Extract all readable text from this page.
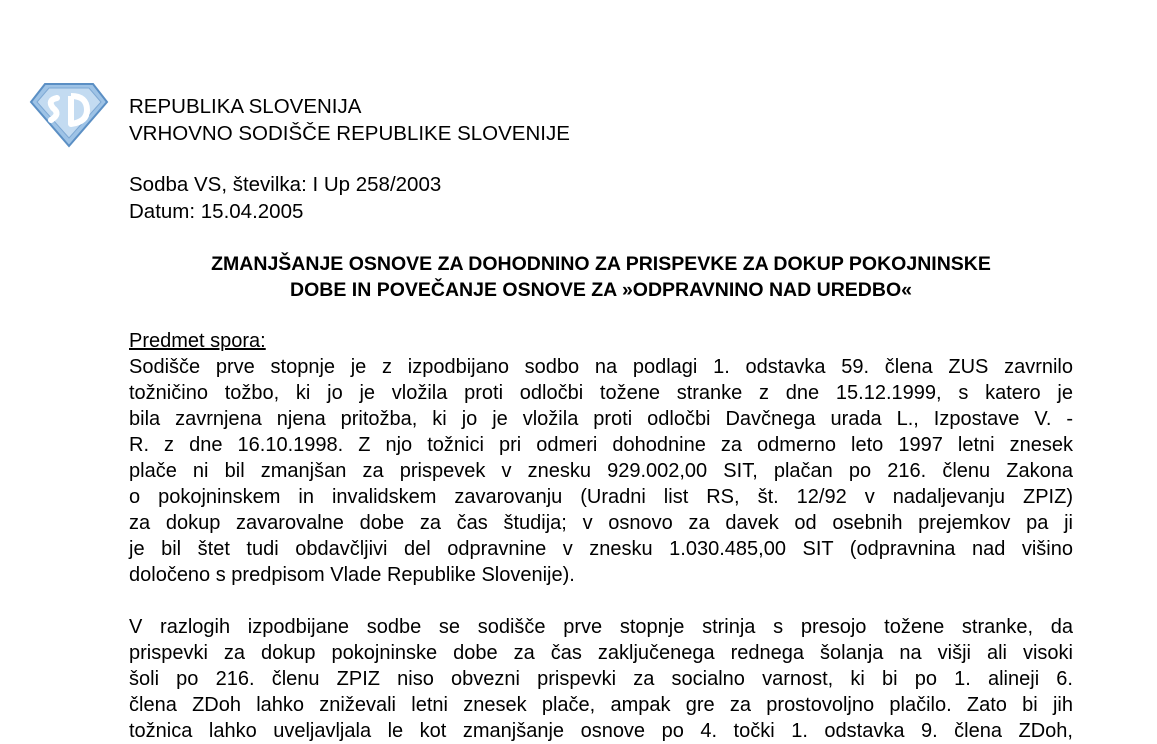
REPUBLIKA SLOVENIJA
VRHOVNO SODIŠČE REPUBLIKE SLOVENIJE
Sodba VS, številka: I Up 258/2003
Datum: 15.04.2005
ZMANJŠANJE OSNOVE ZA DOHODNINO ZA PRISPEVKE ZA DOKUP POKOJNINSKE
DOBE IN POVEČANJE OSNOVE ZA »ODPRAVNINO NAD UREDBO«
Predmet spora:

Sodišče prve stopnje je z izpodbijano sodbo na podlagi 1. odstavka 59. člena ZUS zavrnilo
tožničino tožbo, ki jo je vložila proti odločbi tožene stranke z dne 15.12.1999, s katero je
bila zavrnjena njena pritožba, ki jo je vložila proti odločbi Davčnega urada L., Izpostave V. -
R. z dne 16.10.1998. Z njo tožnici pri odmeri dohodnine za odmerno leto 1997 letni znesek
plače ni bil zmanjšan za prispevek v znesku 929.002,00 SIT, plačan po 216. členu Zakona
o pokojninskem in invalidskem zavarovanju (Uradni list RS, št. 12/92 v nadaljevanju ZPIZ)
za dokup zavarovalne dobe za čas študija; v osnovo za davek od osebnih prejemkov pa ji
je bil štet tudi obdavčljivi del odpravnine v znesku 1.030.485,00 SIT (odpravnina nad višino
določeno s predpisom Vlade Republike Slovenije).

V razlogih izpodbijane sodbe se sodišče prve stopnje strinja s presojo tožene stranke, da
prispevki za dokup pokojninske dobe za čas zaključenega rednega šolanja na višji ali visoki
šoli po 216. členu ZPIZ niso obvezni prispevki za socialno varnost, ki bi po 1. alineji 6.
člena ZDoh lahko zniževali letni znesek plače, ampak gre za prostovoljno plačilo. Zato bi jih
tožnica lahko uveljavljala le kot zmanjšanje osnove po 4. točki 1. odstavka 9. člena ZDoh,
